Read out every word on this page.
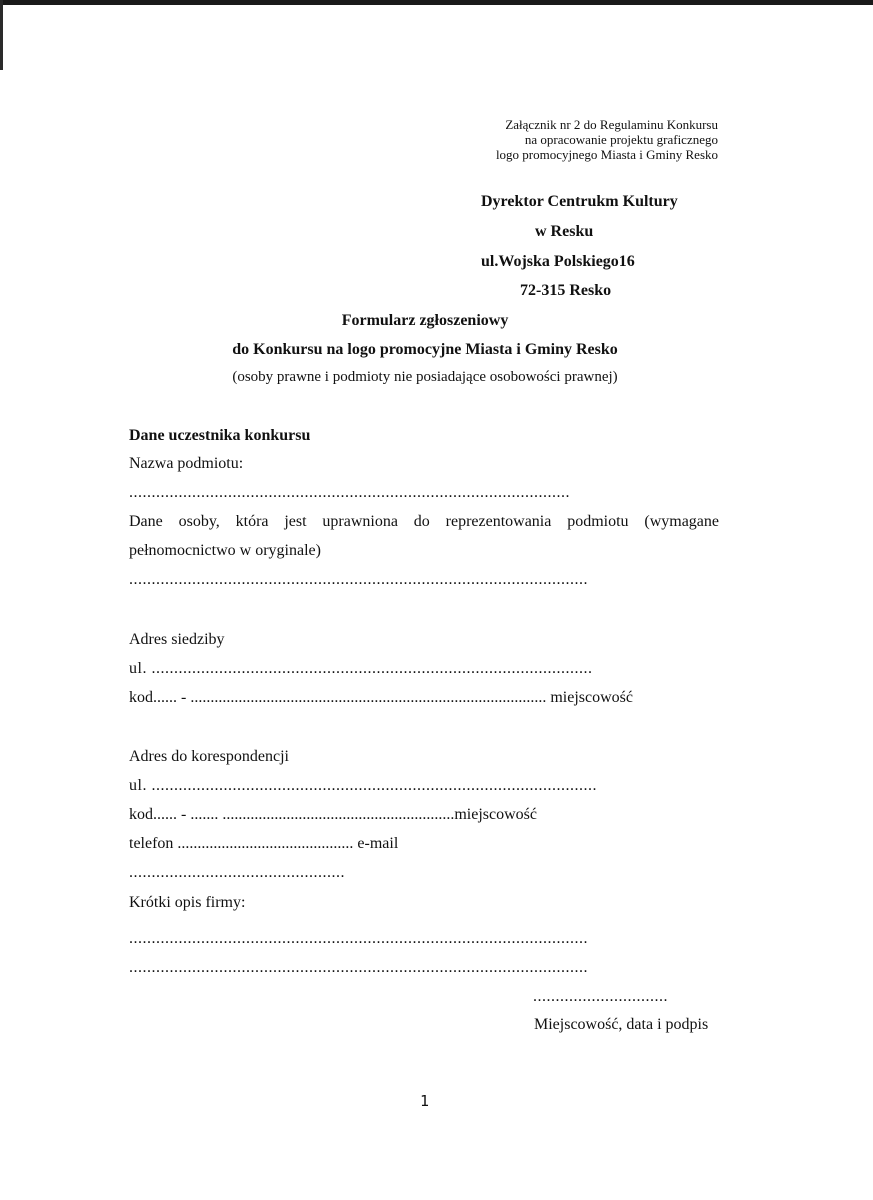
Załącznik nr 2 do Regulaminu Konkursu
na opracowanie projektu graficznego
logo promocyjnego Miasta i Gminy Resko
Dyrektor Centrukm Kultury
w Resku
ul.Wojska Polskiego16
72-315 Resko
Formularz zgłoszeniowy
do Konkursu na logo promocyjne Miasta i Gminy Resko
(osoby prawne i podmioty nie posiadające osobowości prawnej)
Dane uczestnika konkursu
Nazwa podmiotu:
..................................................................................................
Dane osoby, która jest uprawniona do reprezentowania podmiotu (wymagane
pełnomocnictwo w oryginale)
......................................................................................................
Adres siedziby
ul. ..................................................................................................
kod...... - ......................................................................................... miejscowość
Adres do korespondencji
ul. ...................................................................................................
kod...... - ....... ..........................................................miejscowość
telefon ............................................ e-mail
................................................
Krótki opis firmy:
......................................................................................................
......................................................................................................
..............................
Miejscowość, data i podpis
1
